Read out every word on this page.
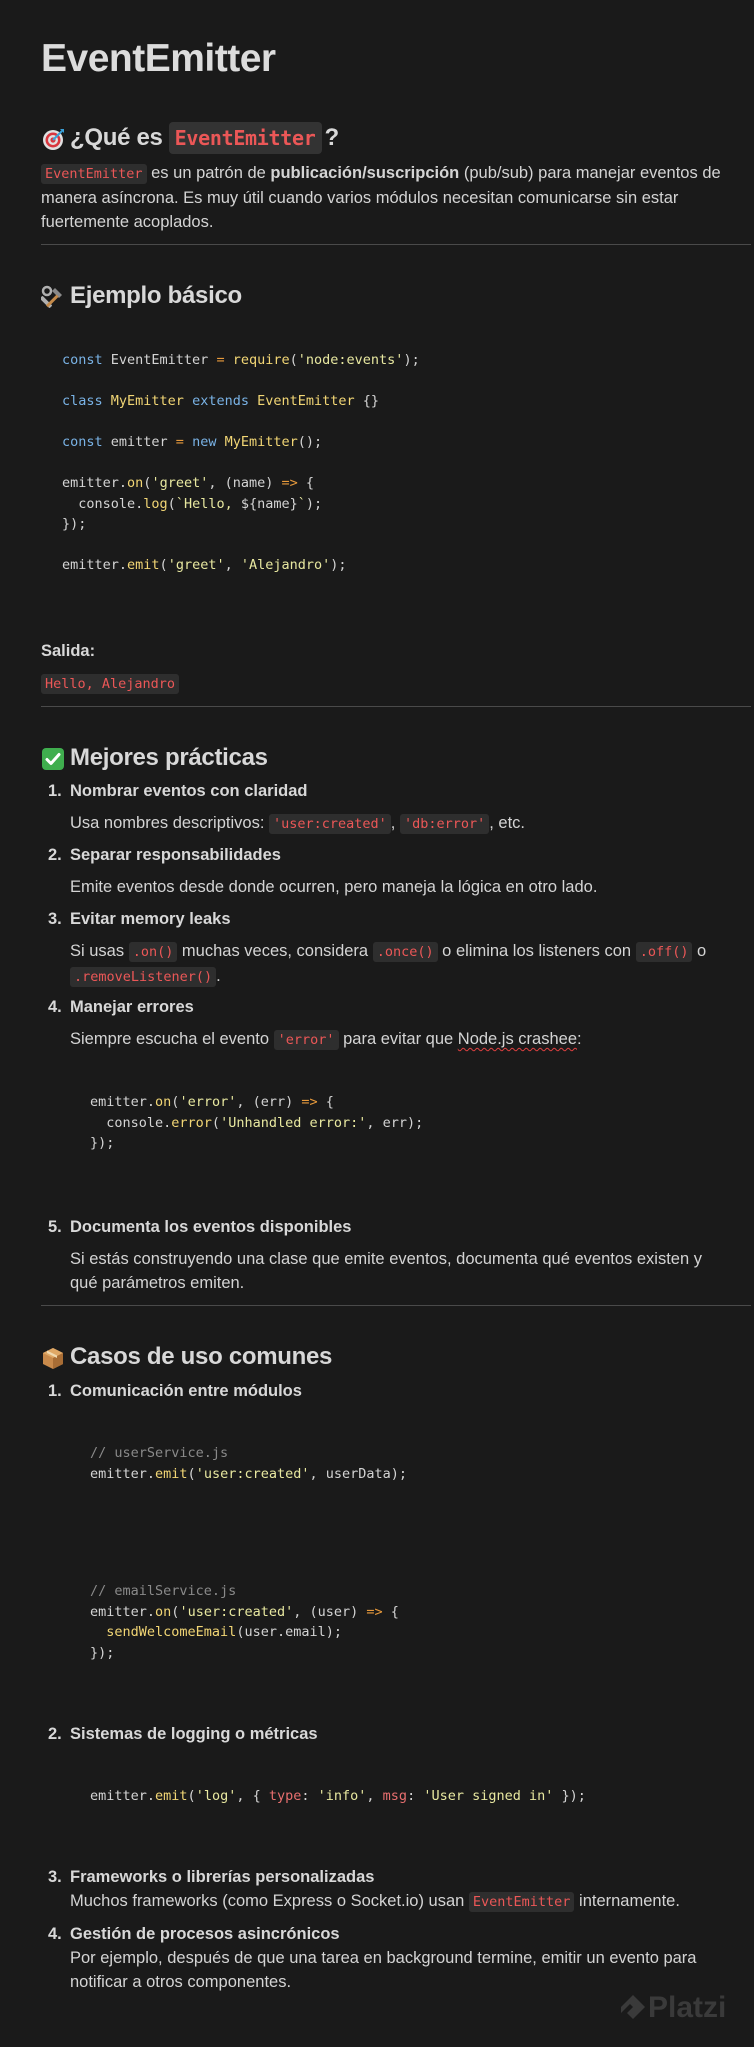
EventEmitter
¿Qué es EventEmitter ?

EventEmitter es un patrón de publicación/suscripción (pub/sub) para manejar eventos de manera asíncrona. Es muy útil cuando varios módulos necesitan comunicarse sin estar fuertemente acoplados.

Ejemplo básico
const EventEmitter = require('node:events');

class MyEmitter extends EventEmitter {}

const emitter = new MyEmitter();

emitter.on('greet', (name) => {
console.log(`Hello, ${name}`);
});

emitter.emit('greet', 'Alejandro');

Salida:

Hello, Alejandro

Mejores prácticas
1. Nombrar eventos con claridad

Usa nombres descriptivos: 'user:created' , 'db:error' , etc.

2. Separar responsabilidades

Emite eventos desde donde ocurren, pero maneja la lógica en otro lado.

3. Evitar memory leaks

Si usas .on() muchas veces, considera .once() o elimina los listeners con .off() o .removeListener() .

4. Manejar errores

Siempre escucha el evento 'error' para evitar que Node.js crashee:

emitter.on('error', (err) => {
console.error('Unhandled error:', err);
});
5. Documenta los eventos disponibles

Si estás construyendo una clase que emite eventos, documenta qué eventos existen y qué parámetros emiten.

Casos de uso comunes
1. Comunicación entre módulos
// userService.js
emitter.emit('user:created', userData);
// emailService.js
emitter.on('user:created', (user) => {
sendWelcomeEmail(user.email);
});
2. Sistemas de logging o métricas
emitter.emit('log', { type: 'info', msg: 'User signed in' });
3. Frameworks o librerías personalizadas

Muchos frameworks (como Express o Socket.io) usan EventEmitter internamente.

4. Gestión de procesos asincrónicos

Por ejemplo, después de que una tarea en background termine, emitir un evento para notificar a otros componentes.

Platzi
